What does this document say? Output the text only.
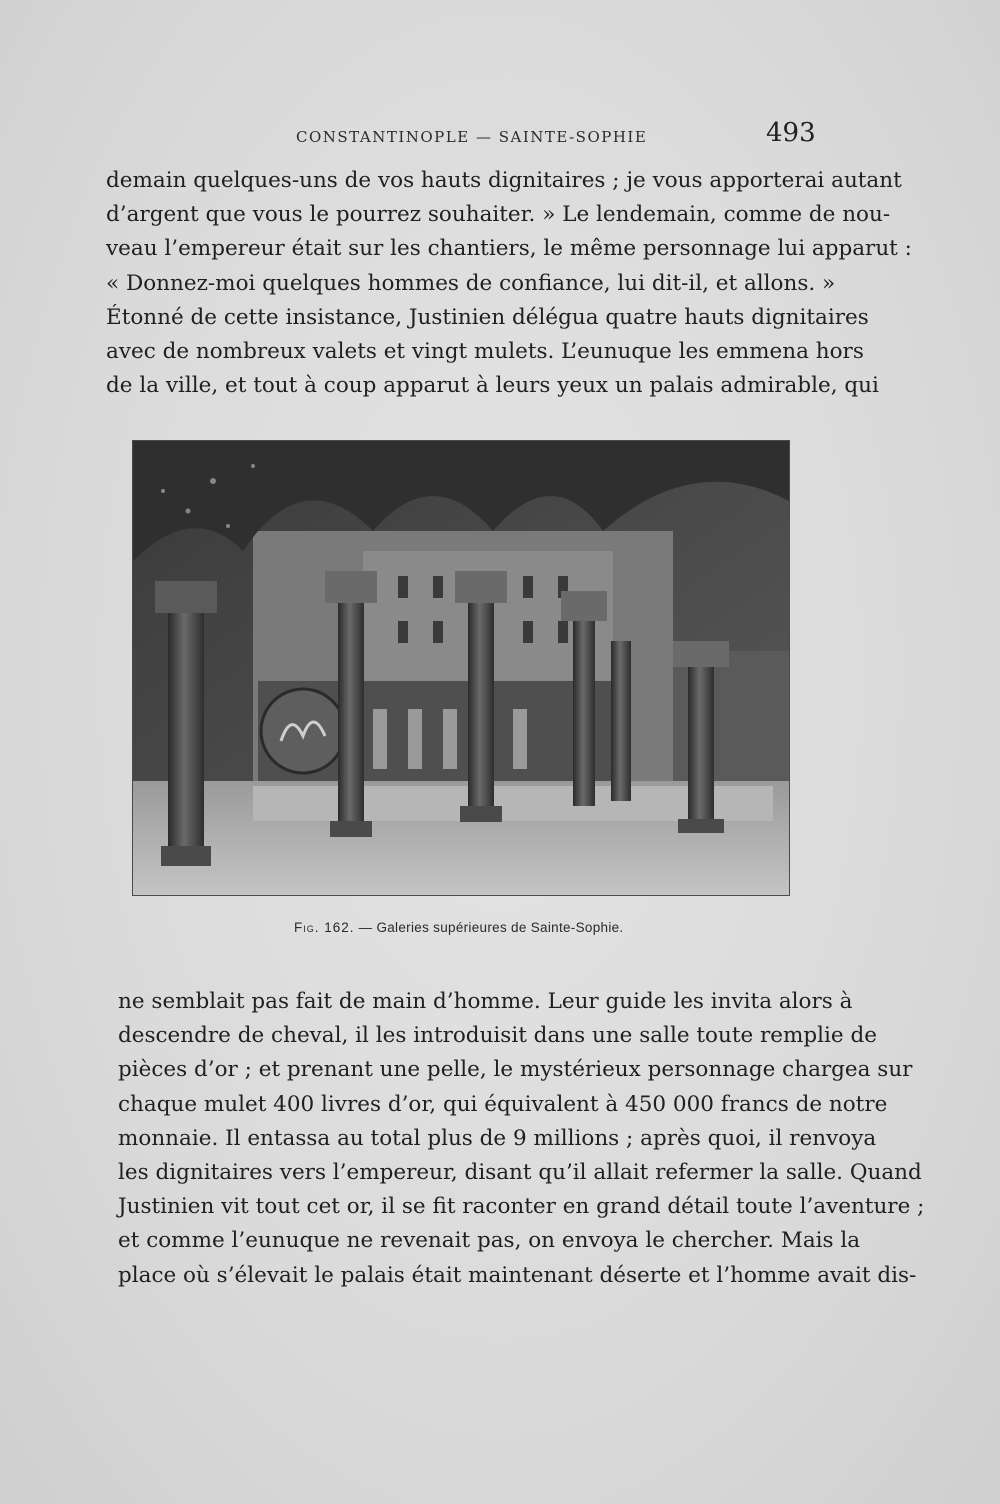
CONSTANTINOPLE — SAINTE-SOPHIE	493
demain quelques-uns de vos hauts dignitaires ; je vous apporterai autant
d’argent que vous le pourrez souhaiter. » Le lendemain, comme de nou-
veau l’empereur était sur les chantiers, le même personnage lui apparut :
« Donnez-moi quelques hommes de confiance, lui dit-il, et allons. »
Étonné de cette insistance, Justinien délégua quatre hauts dignitaires
avec de nombreux valets et vingt mulets. L’eunuque les emmena hors
de la ville, et tout à coup apparut à leurs yeux un palais admirable, qui
Fig. 162. — Galeries supérieures de Sainte-Sophie.
ne semblait pas fait de main d’homme. Leur guide les invita alors à
descendre de cheval, il les introduisit dans une salle toute remplie de
pièces d’or ; et prenant une pelle, le mystérieux personnage chargea sur
chaque mulet 400 livres d’or, qui équivalent à 450 000 francs de notre
monnaie. Il entassa au total plus de 9 millions ; après quoi, il renvoya
les dignitaires vers l’empereur, disant qu’il allait refermer la salle. Quand
Justinien vit tout cet or, il se fit raconter en grand détail toute l’aventure ;
et comme l’eunuque ne revenait pas, on envoya le chercher. Mais la
place où s’élevait le palais était maintenant déserte et l’homme avait dis-
